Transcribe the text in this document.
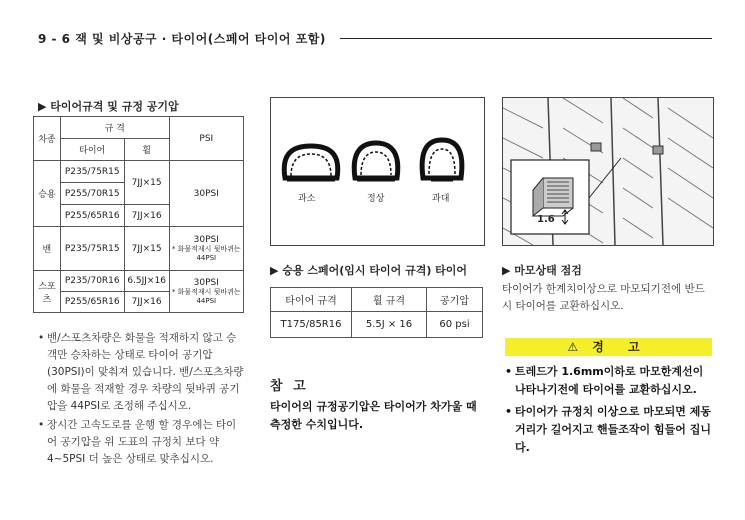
9 - 6 잭 및 비상공구 · 타이어(스페어 타이어 포함)
▶ 타이어규격 및 규정 공기압
차종	규 격		PSI
	타이어	휠	
승용	P235/75R15	7JJ×15	30PSI
	P255/70R15		
	P255/65R16	7JJ×16	
밴	P235/75R15	7JJ×15	30PSI
* 화물적재시 뒷바퀴는 44PSI

스포츠	P235/70R16	6.5JJ×16	30PSI
* 화물적재시 뒷바퀴는 44PSI

	P255/65R16	7JJ×16	
• 밴/스포츠차량은 화물을 적재하지 않고 승객만 승차하는 상태로 타이어 공기압(30PSI)이 맞춰져 있습니다. 밴/스포츠차량에 화물을 적재할 경우 차량의 뒷바퀴 공기압을 44PSI로 조정해 주십시오.
• 장시간 고속도로를 운행 할 경우에는 타이어 공기압을 위 도표의 규정치 보다 약 4~5PSI 더 높은 상태로 맞추십시오.
과소	정상	과대
▶ 승용 스페어(임시 타이어 규격) 타이어
타이어 규격	휠 규격	공기압
T175/85R16	5.5J × 16	60 psi
참 고
타이어의 규정공기압은 타이어가 차가울 때 측정한 수치입니다.
1.6
▶ 마모상태 점검
타이어가 한계치이상으로 마모되기전에 반드시 타이어를 교환하십시오.
⚠ 경 고
• 트레드가 1.6mm이하로 마모한계선이 나타나기전에 타이어를 교환하십시오.
• 타이어가 규정치 이상으로 마모되면 제동거리가 길어지고 핸들조작이 힘들어 집니다.
